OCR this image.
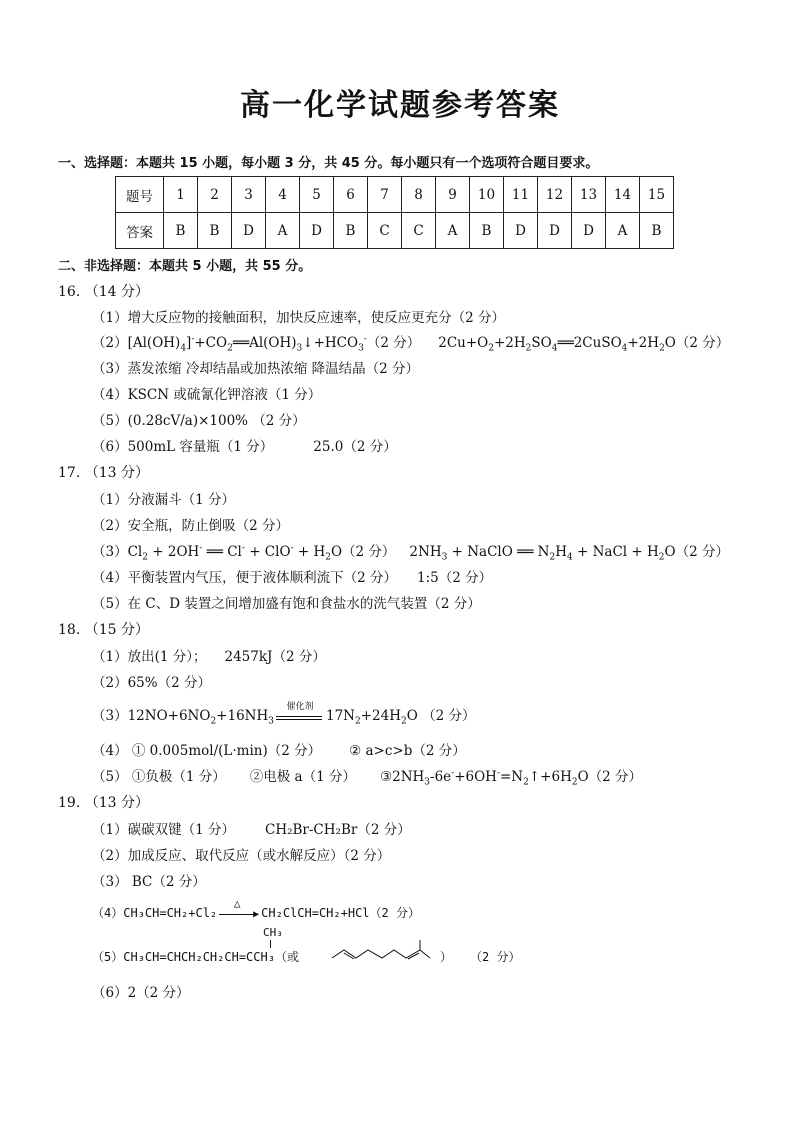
高一化学试题参考答案
一、选择题：本题共 15 小题，每小题 3 分，共 45 分。每小题只有一个选项符合题目要求。
题号	1	2	3	4	5	6	7	8	9	10	11	12	13	14	15
答案	B	B	D	A	D	B	C	C	A	B	D	D	D	A	B
二、非选择题：本题共 5 小题，共 55 分。
16. （14 分）
（1）增大反应物的接触面积，加快反应速率，使反应更充分（2 分）
$(2)[Al(OH)_4]^-+CO_2══Al(OH)_3↓+HCO_3^-(2$ 分） $2Cu+O_2+2H_2SO_4══2CuSO_4+2H_2O(2$ 分）
（3）蒸发浓缩 冷却结晶或加热浓缩 降温结晶（2 分）
（4）KSCN 或硫氰化钾溶液（1 分）
（5）(0.28cV/a)×100% （2 分）
（6）500mL 容量瓶（1 分）	25.0（2 分）
17. （13 分）
（1）分液漏斗（1 分）
（2）安全瓶，防止倒吸（2 分）
$(3)Cl_2 + 2OH^-$ ══ $Cl^- + ClO^- + H_2O(2$ 分） $2NH_3$ + NaClO ══ $N_2H_4$ + NaCl + $H_2O(2$ 分）
（4）平衡装置内气压，便于液体顺利流下（2 分） 1:5（2 分）
（5）在 C、D 装置之间增加盛有饱和食盐水的洗气装置（2 分）
18. （15 分）
（1）放出(1 分）； 2457kJ（2 分）
（2）65%（2 分）
$(3)12NO+6NO_2+16NH_3$
催化剂
$17N_2+24H_2O$ （2 分）
（4） ① 0.005mol/(L·min)（2 分） ② a>c>b（2 分）
（5） ①负极（1 分） ②电极 a（1 分） $③2NH_3-6e^-+6OH^-=N_2↑+6H_2O(2$ 分）
19. （13 分）
（1）碳碳双键（1 分） CH₂Br-CH₂Br（2 分）
（2）加成反应、取代反应（或水解反应）（2 分）
（3） BC（2 分）
（4）CH₃CH=CH₂+Cl₂
△
▶ CH₂ClCH=CH₂+HCl（2 分）
CH₃
（5）CH₃CH=CHCH₂CH₂CH=CCH₃（或	） （2 分）
（6）2（2 分）
